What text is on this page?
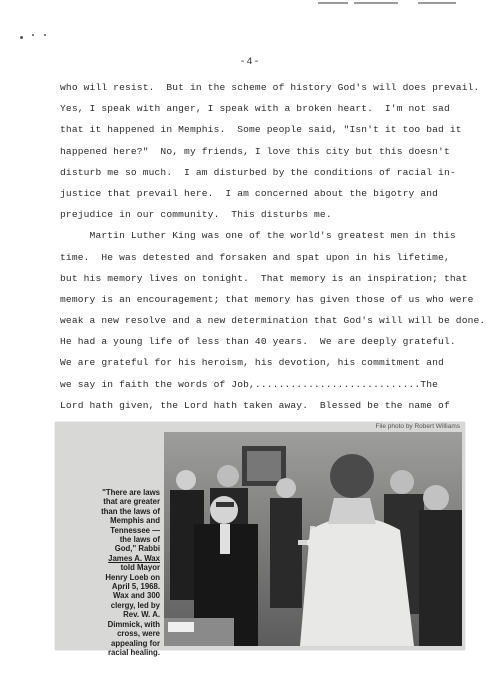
-4-
who will resist.  But in the scheme of history God's will does prevail.
Yes, I speak with anger, I speak with a broken heart.  I'm not sad
that it happened in Memphis.  Some people said, "Isn't it too bad it
happened here?"  No, my friends, I love this city but this doesn't
disturb me so much.  I am disturbed by the conditions of racial in-
justice that prevail here.  I am concerned about the bigotry and
prejudice in our community.  This disturbs me.
Martin Luther King was one of the world's greatest men in this
time.  He was detested and forsaken and spat upon in his lifetime,
but his memory lives on tonight.  That memory is an inspiration; that
memory is an encouragement; that memory has given those of us who were
weak a new resolve and a new determination that God's will will be done.
He had a young life of less than 40 years.  We are deeply grateful.
We are grateful for his heroism, his devotion, his commitment and
we say in faith the words of Job,............................The
Lord hath given, the Lord hath taken away.  Blessed be the name of
File photo by Robert Williams
"There are laws
that are greater
than the laws of
Memphis and
Tennessee —
the laws of
God," Rabbi
James A. Wax
told Mayor
Henry Loeb on
April 5, 1968.
Wax and 300
clergy, led by
Rev. W. A.
Dimmick, with
cross, were
appealing for
racial healing.
